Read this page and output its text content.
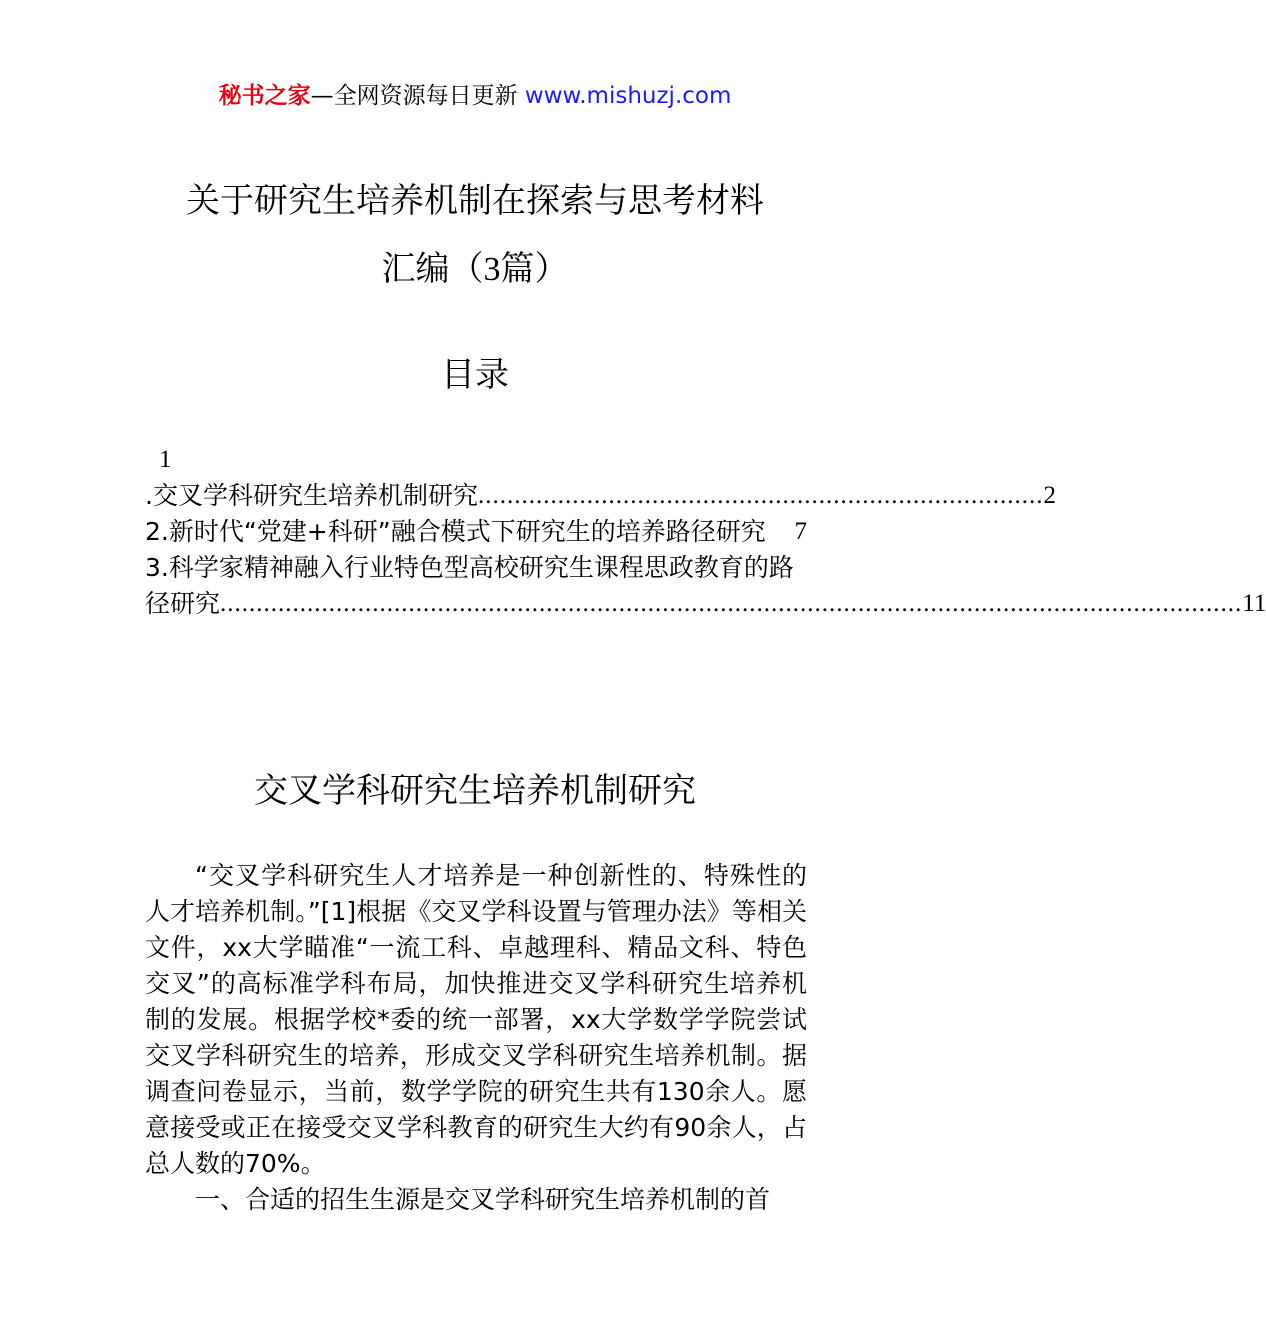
秘书之家—全网资源每日更新 www.mishuzj.com
关于研究生培养机制在探索与思考材料
汇编（3篇）
目录
1
.交叉学科研究生培养机制研究 .............................................................................. 2
2.新时代“党建+科研”融合模式下研究生的培养路径研究 7
3.科学家精神融入行业特色型高校研究生课程思政教育的路
径研究 ............................................................................................................................................. 11
交叉学科研究生培养机制研究

“交叉学科研究生人才培养是一种创新性的、特殊性的人才培养机制。”[1]根据《交叉学科设置与管理办法》等相关文件，xx大学瞄准“一流工科、卓越理科、精品文科、特色交叉”的高标准学科布局，加快推进交叉学科研究生培养机制的发展。根据学校*委的统一部署，xx大学数学学院尝试交叉学科研究生的培养，形成交叉学科研究生培养机制。据调查问卷显示，当前，数学学院的研究生共有130余人。愿意接受或正在接受交叉学科教育的研究生大约有90余人，占总人数的70%。

一、合适的招生生源是交叉学科研究生培养机制的首
